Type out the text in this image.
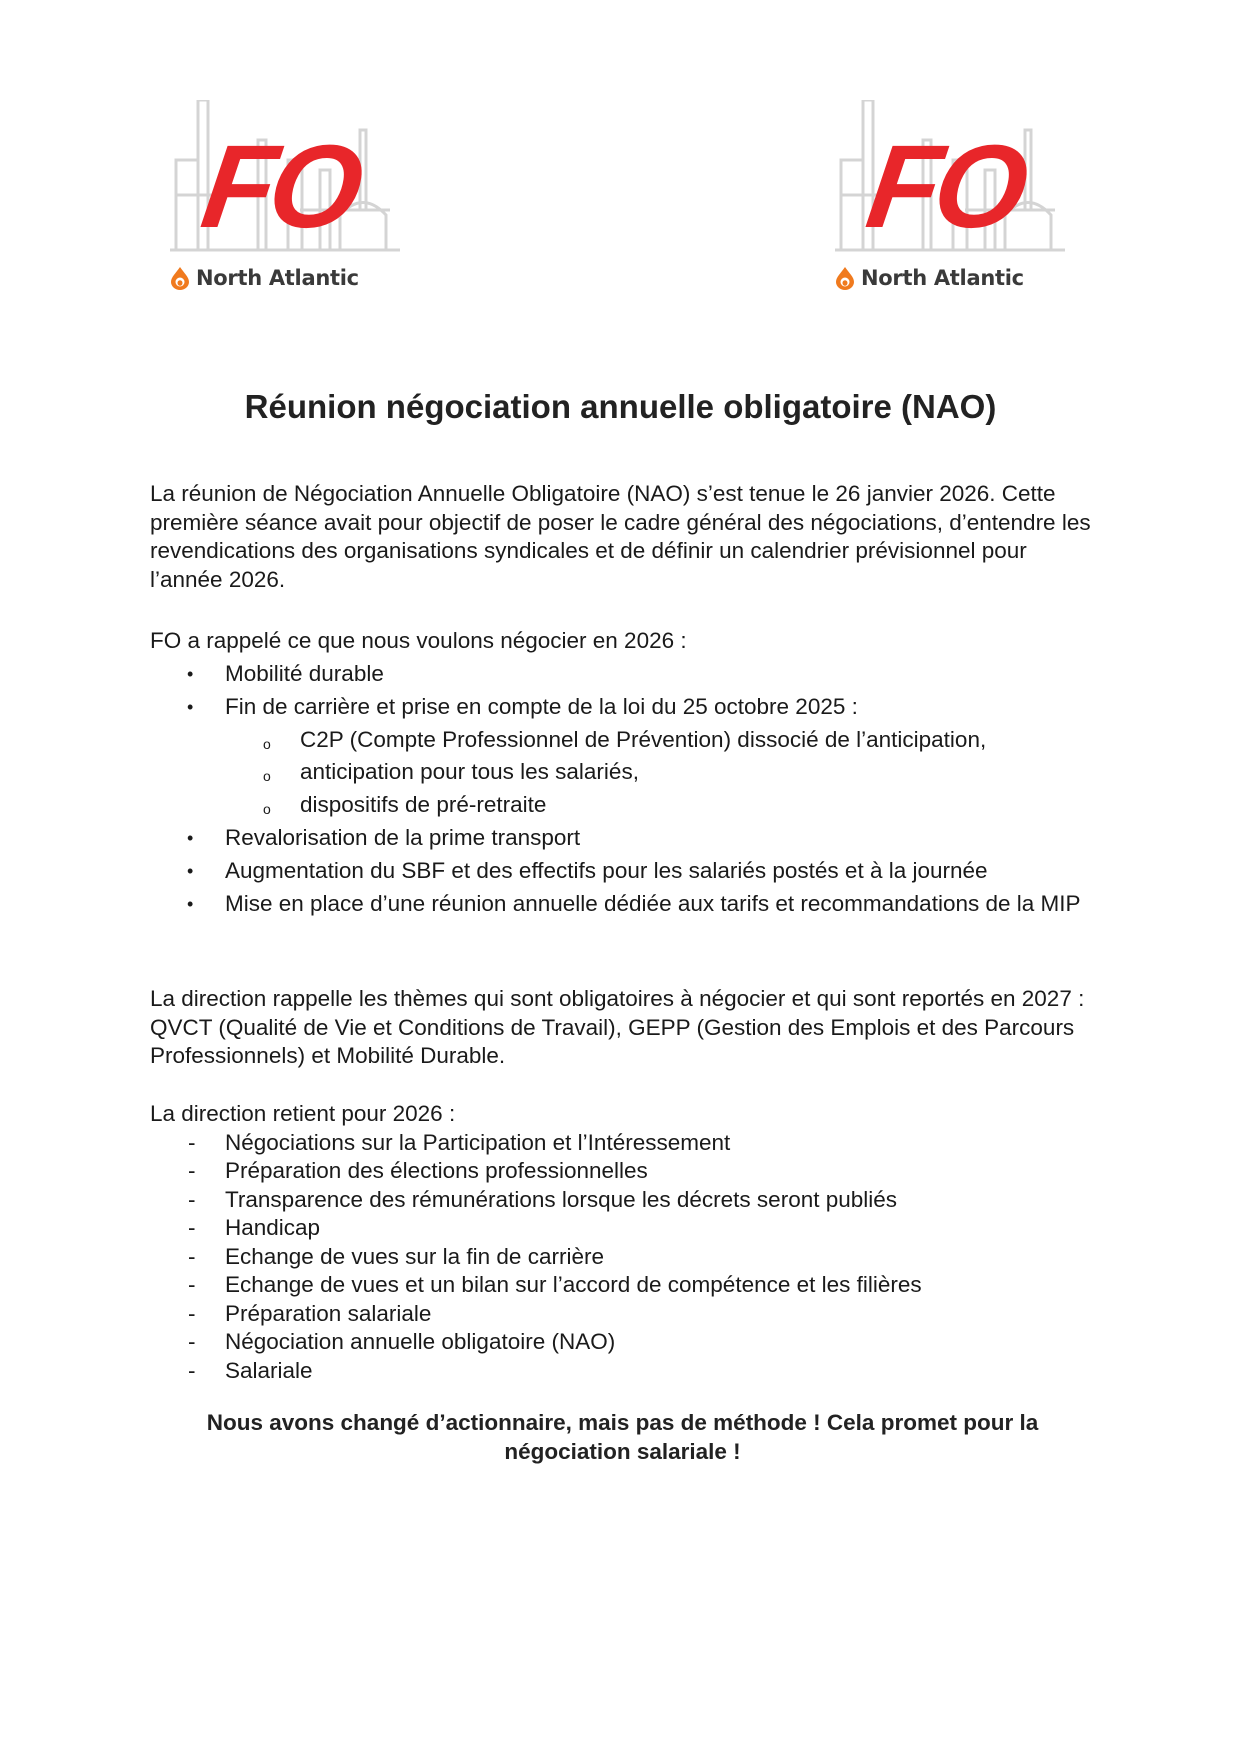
FO
North Atlantic
FO
North Atlantic
Réunion négociation annuelle obligatoire (NAO)

La réunion de Négociation Annuelle Obligatoire (NAO) s’est tenue le 26 janvier 2026. Cette première séance avait pour objectif de poser le cadre général des négociations, d’entendre les revendications des organisations syndicales et de définir un calendrier prévisionnel pour l’année 2026.

FO a rappelé ce que nous voulons négocier en 2026 :

• Mobilité durable
• Fin de carrière et prise en compte de la loi du 25 octobre 2025 :
o C2P (Compte Professionnel de Prévention) dissocié de l’anticipation,
o anticipation pour tous les salariés,
o dispositifs de pré-retraite
• Revalorisation de la prime transport
• Augmentation du SBF et des effectifs pour les salariés postés et à la journée
• Mise en place d’une réunion annuelle dédiée aux tarifs et recommandations de la MIP

La direction rappelle les thèmes qui sont obligatoires à négocier et qui sont reportés en 2027 : QVCT (Qualité de Vie et Conditions de Travail), GEPP (Gestion des Emplois et des Parcours Professionnels) et Mobilité Durable.

La direction retient pour 2026 :

- Négociations sur la Participation et l’Intéressement
- Préparation des élections professionnelles
- Transparence des rémunérations lorsque les décrets seront publiés
- Handicap
- Echange de vues sur la fin de carrière
- Echange de vues et un bilan sur l’accord de compétence et les filières
- Préparation salariale
- Négociation annuelle obligatoire (NAO)
- Salariale

Nous avons changé d’actionnaire, mais pas de méthode ! Cela promet pour la négociation salariale !
